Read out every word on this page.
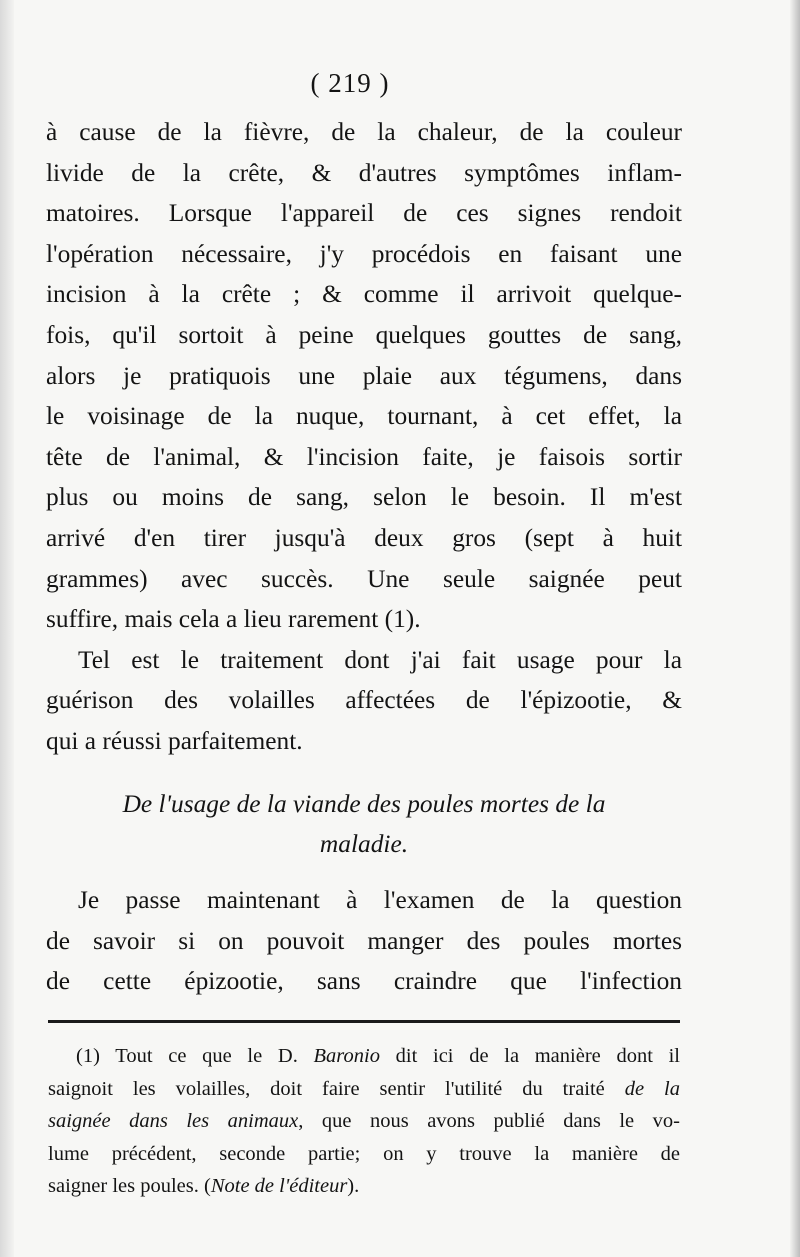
( 219 )
à cause de la fièvre, de la chaleur, de la couleur
livide de la crête, & d'autres symptômes inflam-
matoires. Lorsque l'appareil de ces signes rendoit
l'opération nécessaire, j'y procédois en faisant une
incision à la crête ; & comme il arrivoit quelque-
fois, qu'il sortoit à peine quelques gouttes de sang,
alors je pratiquois une plaie aux tégumens, dans
le voisinage de la nuque, tournant, à cet effet, la
tête de l'animal, & l'incision faite, je faisois sortir
plus ou moins de sang, selon le besoin. Il m'est
arrivé d'en tirer jusqu'à deux gros (sept à huit
grammes) avec succès. Une seule saignée peut
suffire, mais cela a lieu rarement (1).
Tel est le traitement dont j'ai fait usage pour la
guérison des volailles affectées de l'épizootie, &
qui a réussi parfaitement.
De l'usage de la viande des poules mortes de la
maladie.
Je passe maintenant à l'examen de la question
de savoir si on pouvoit manger des poules mortes
de cette épizootie, sans craindre que l'infection
(1) Tout ce que le D. Baronio dit ici de la manière dont il
saignoit les volailles, doit faire sentir l'utilité du traité de la
saignée dans les animaux, que nous avons publié dans le vo-
lume précédent, seconde partie; on y trouve la manière de
saigner les poules. (Note de l'éditeur).
